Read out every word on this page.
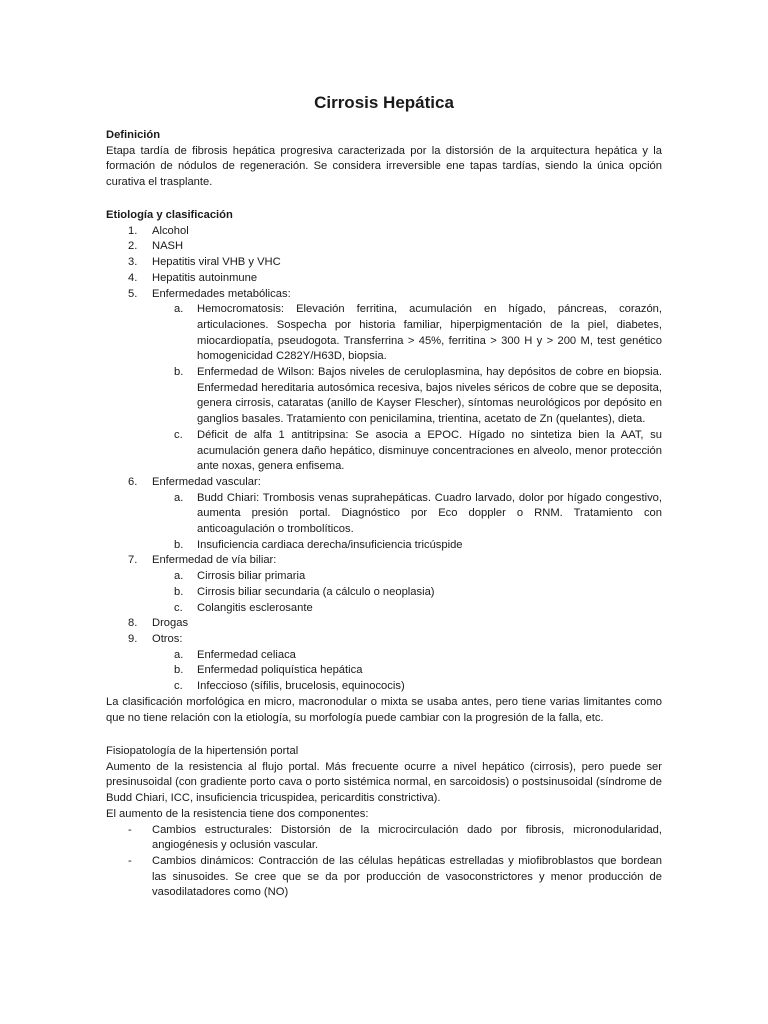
Cirrosis Hepática

Definición

Etapa tardía de fibrosis hepática progresiva caracterizada por la distorsión de la arquitectura hepática y la formación de nódulos de regeneración. Se considera irreversible ene tapas tardías, siendo la única opción curativa el trasplante.

Etiología y clasificación

1. Alcohol
2. NASH
3. Hepatitis viral VHB y VHC
4. Hepatitis autoinmune
5. Enfermedades metabólicas:
a. Hemocromatosis: Elevación ferritina, acumulación en hígado, páncreas, corazón, articulaciones. Sospecha por historia familiar, hiperpigmentación de la piel, diabetes, miocardiopatía, pseudogota. Transferrina > 45%, ferritina > 300 H y > 200 M, test genético homogenicidad C282Y/H63D, biopsia.
b. Enfermedad de Wilson: Bajos niveles de ceruloplasmina, hay depósitos de cobre en biopsia. Enfermedad hereditaria autosómica recesiva, bajos niveles séricos de cobre que se deposita, genera cirrosis, cataratas (anillo de Kayser Flescher), síntomas neurológicos por depósito en ganglios basales. Tratamiento con penicilamina, trientina, acetato de Zn (quelantes), dieta.
c. Déficit de alfa 1 antitripsina: Se asocia a EPOC. Hígado no sintetiza bien la AAT, su acumulación genera daño hepático, disminuye concentraciones en alveolo, menor protección ante noxas, genera enfisema.
6. Enfermedad vascular:
a. Budd Chiari: Trombosis venas suprahepáticas. Cuadro larvado, dolor por hígado congestivo, aumenta presión portal. Diagnóstico por Eco doppler o RNM. Tratamiento con anticoagulación o trombolíticos.
b. Insuficiencia cardiaca derecha/insuficiencia tricúspide
7. Enfermedad de vía biliar:
a. Cirrosis biliar primaria
b. Cirrosis biliar secundaria (a cálculo o neoplasia)
c. Colangitis esclerosante
8. Drogas
9. Otros:
a. Enfermedad celiaca
b. Enfermedad poliquística hepática
c. Infeccioso (sífilis, brucelosis, equinococis)

La clasificación morfológica en micro, macronodular o mixta se usaba antes, pero tiene varias limitantes como que no tiene relación con la etiología, su morfología puede cambiar con la progresión de la falla, etc.

Fisiopatología de la hipertensión portal

Aumento de la resistencia al flujo portal. Más frecuente ocurre a nivel hepático (cirrosis), pero puede ser presinusoidal (con gradiente porto cava o porto sistémica normal, en sarcoidosis) o postsinusoidal (síndrome de Budd Chiari, ICC, insuficiencia tricuspidea, pericarditis constrictiva).

El aumento de la resistencia tiene dos componentes:

- Cambios estructurales: Distorsión de la microcirculación dado por fibrosis, micronodularidad, angiogénesis y oclusión vascular.
- Cambios dinámicos: Contracción de las células hepáticas estrelladas y miofibroblastos que bordean las sinusoides. Se cree que se da por producción de vasoconstrictores y menor producción de vasodilatadores como (NO)
